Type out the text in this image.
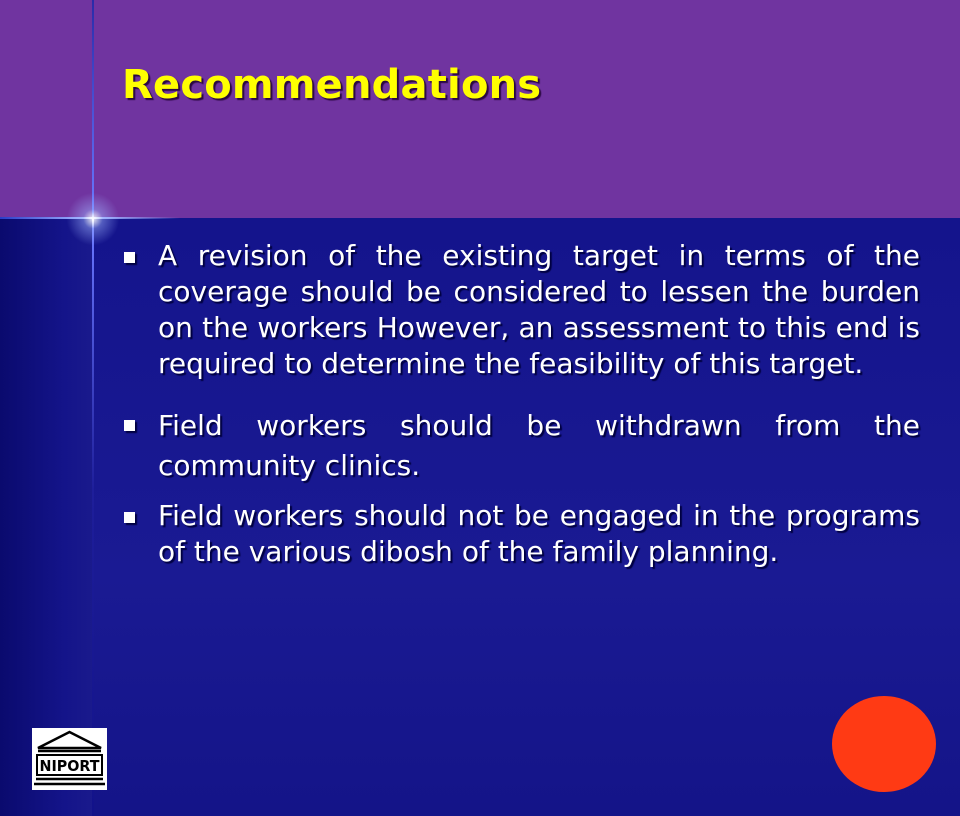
Recommendations
A revision of the existing target in terms of the coverage should be considered to lessen the burden on the workers However, an assessment to this end is required to determine the feasibility of this target.
Field workers should be withdrawn from the community clinics.
Field workers should not be engaged in the programs of the various dibosh of the family planning.
NIPORT
